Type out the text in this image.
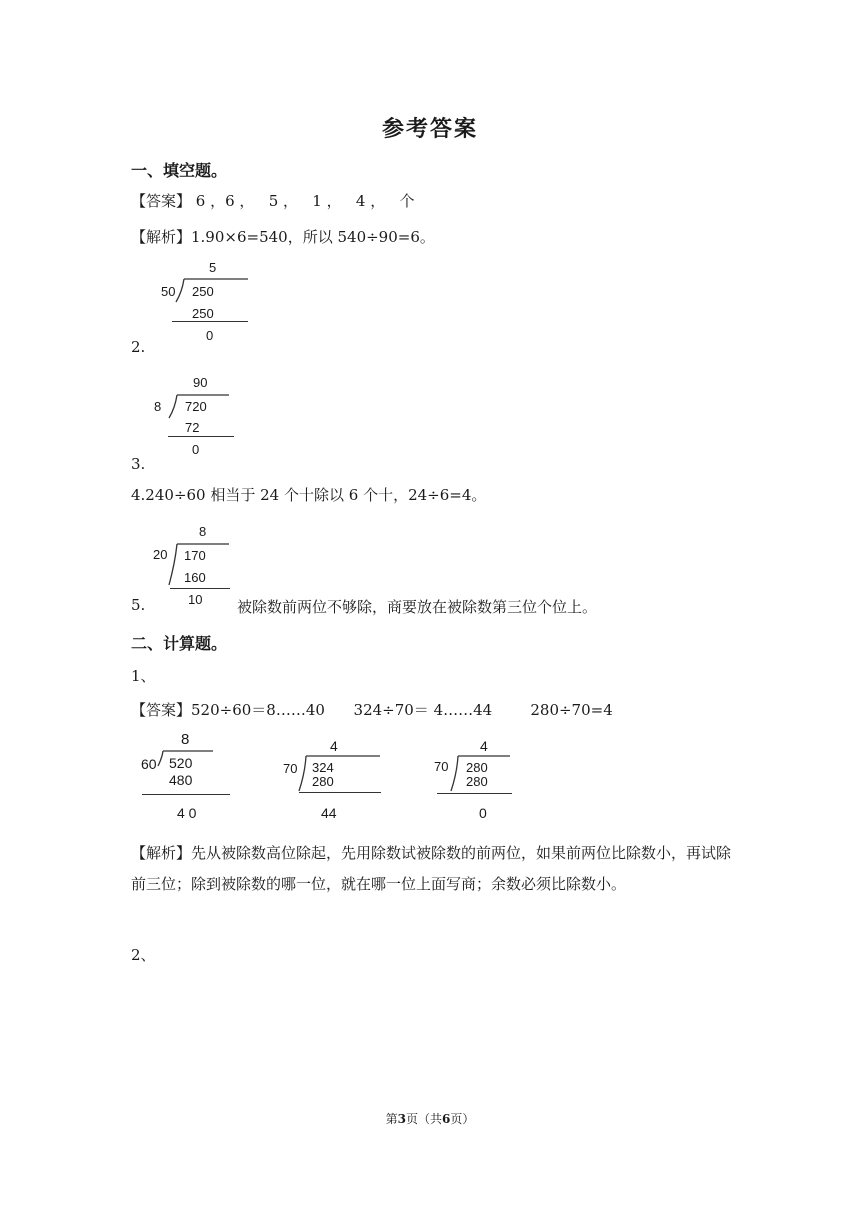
参考答案
一、填空题。
【答案】 6 ，6 ，   5 ，   1 ，   4 ，   个
【解析】1.90×6=540，所以 540÷90=6。
5
50 250
250
0
2.
90
8 720
72
0
3.
4.240÷60 相当于 24 个十除以 6 个十，24÷6=4。
8
20 170
160
10
5.	被除数前两位不够除，商要放在被除数第三位个位上。
二、计算题。
1、
【答案】520÷60＝8……40      324÷70＝ 4……44        280÷70=4
8
60 520
480
4 0
4
70 324
280
44
4
70 280
280
0
【解析】先从被除数高位除起，先用除数试被除数的前两位，如果前两位比除数小，再试除前三位；除到被除数的哪一位，就在哪一位上面写商；余数必须比除数小。
2、
第3页（共6页）
